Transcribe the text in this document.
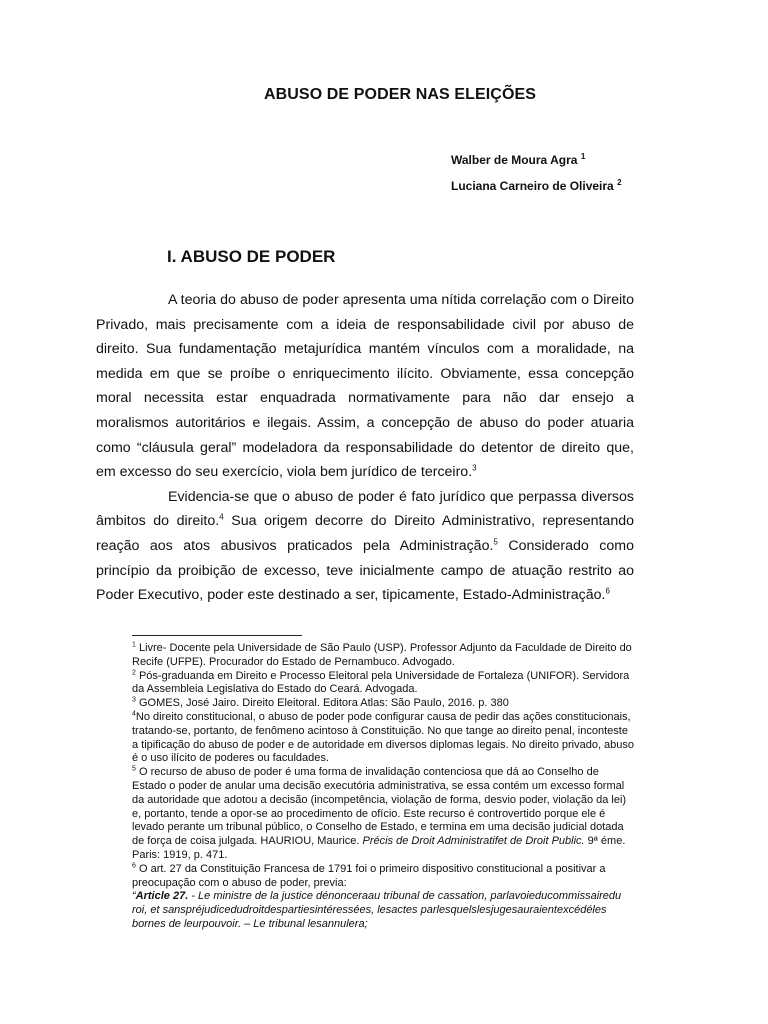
ABUSO DE PODER NAS ELEIÇÕES
Walber de Moura Agra $^1$
Luciana Carneiro de Oliveira $^2$
I. ABUSO DE PODER

A teoria do abuso de poder apresenta uma nítida correlação com o Direito Privado, mais precisamente com a ideia de responsabilidade civil por abuso de direito. Sua fundamentação metajurídica mantém vínculos com a moralidade, na medida em que se proíbe o enriquecimento ilícito. Obviamente, essa concepção moral necessita estar enquadrada normativamente para não dar ensejo a moralismos autoritários e ilegais. Assim, a concepção de abuso do poder atuaria como “cláusula geral” modeladora da responsabilidade do detentor de direito que, em excesso do seu exercício, viola bem jurídico de terceiro.$^3$

Evidencia-se que o abuso de poder é fato jurídico que perpassa diversos âmbitos do direito.$^4$ Sua origem decorre do Direito Administrativo, representando reação aos atos abusivos praticados pela Administração.$^5$ Considerado como princípio da proibição de excesso, teve inicialmente campo de atuação restrito ao Poder Executivo, poder este destinado a ser, tipicamente, Estado-Administração.$^6$

$^1$ Livre- Docente pela Universidade de São Paulo (USP). Professor Adjunto da Faculdade de Direito do Recife (UFPE). Procurador do Estado de Pernambuco. Advogado.

$^2$ Pós-graduanda em Direito e Processo Eleitoral pela Universidade de Fortaleza (UNIFOR). Servidora da Assembleia Legislativa do Estado do Ceará. Advogada.

$^3$ GOMES, José Jairo. Direito Eleitoral. Editora Atlas: São Paulo, 2016. p. 380

$^4$No direito constitucional, o abuso de poder pode configurar causa de pedir das ações constitucionais, tratando-se, portanto, de fenômeno acintoso à Constituição. No que tange ao direito penal, inconteste a tipificação do abuso de poder e de autoridade em diversos diplomas legais. No direito privado, abuso é o uso ilícito de poderes ou faculdades.

$^5$ O recurso de abuso de poder é uma forma de invalidação contenciosa que dá ao Conselho de Estado o poder de anular uma decisão executória administrativa, se essa contém um excesso formal da autoridade que adotou a decisão (incompetência, violação de forma, desvio poder, violação da lei) e, portanto, tende a opor-se ao procedimento de ofício. Este recurso é controvertido porque ele é levado perante um tribunal público, o Conselho de Estado, e termina em uma decisão judicial dotada de força de coisa julgada. HAURIOU, Maurice. Précis de Droit Administratifet de Droit Public. 9ª éme. Paris: 1919, p. 471.

$^6$ O art. 27 da Constituição Francesa de 1791 foi o primeiro dispositivo constitucional a positivar a preocupação com o abuso de poder, previa:

“Article 27. - Le ministre de la justice dénonceraau tribunal de cassation, parlavoieducommissairedu roi, et sanspréjudicedudroitdespartiesintéressées, lesactes parlesquelslesjugesauraientexcédéles bornes de leurpouvoir. – Le tribunal lesannulera;
